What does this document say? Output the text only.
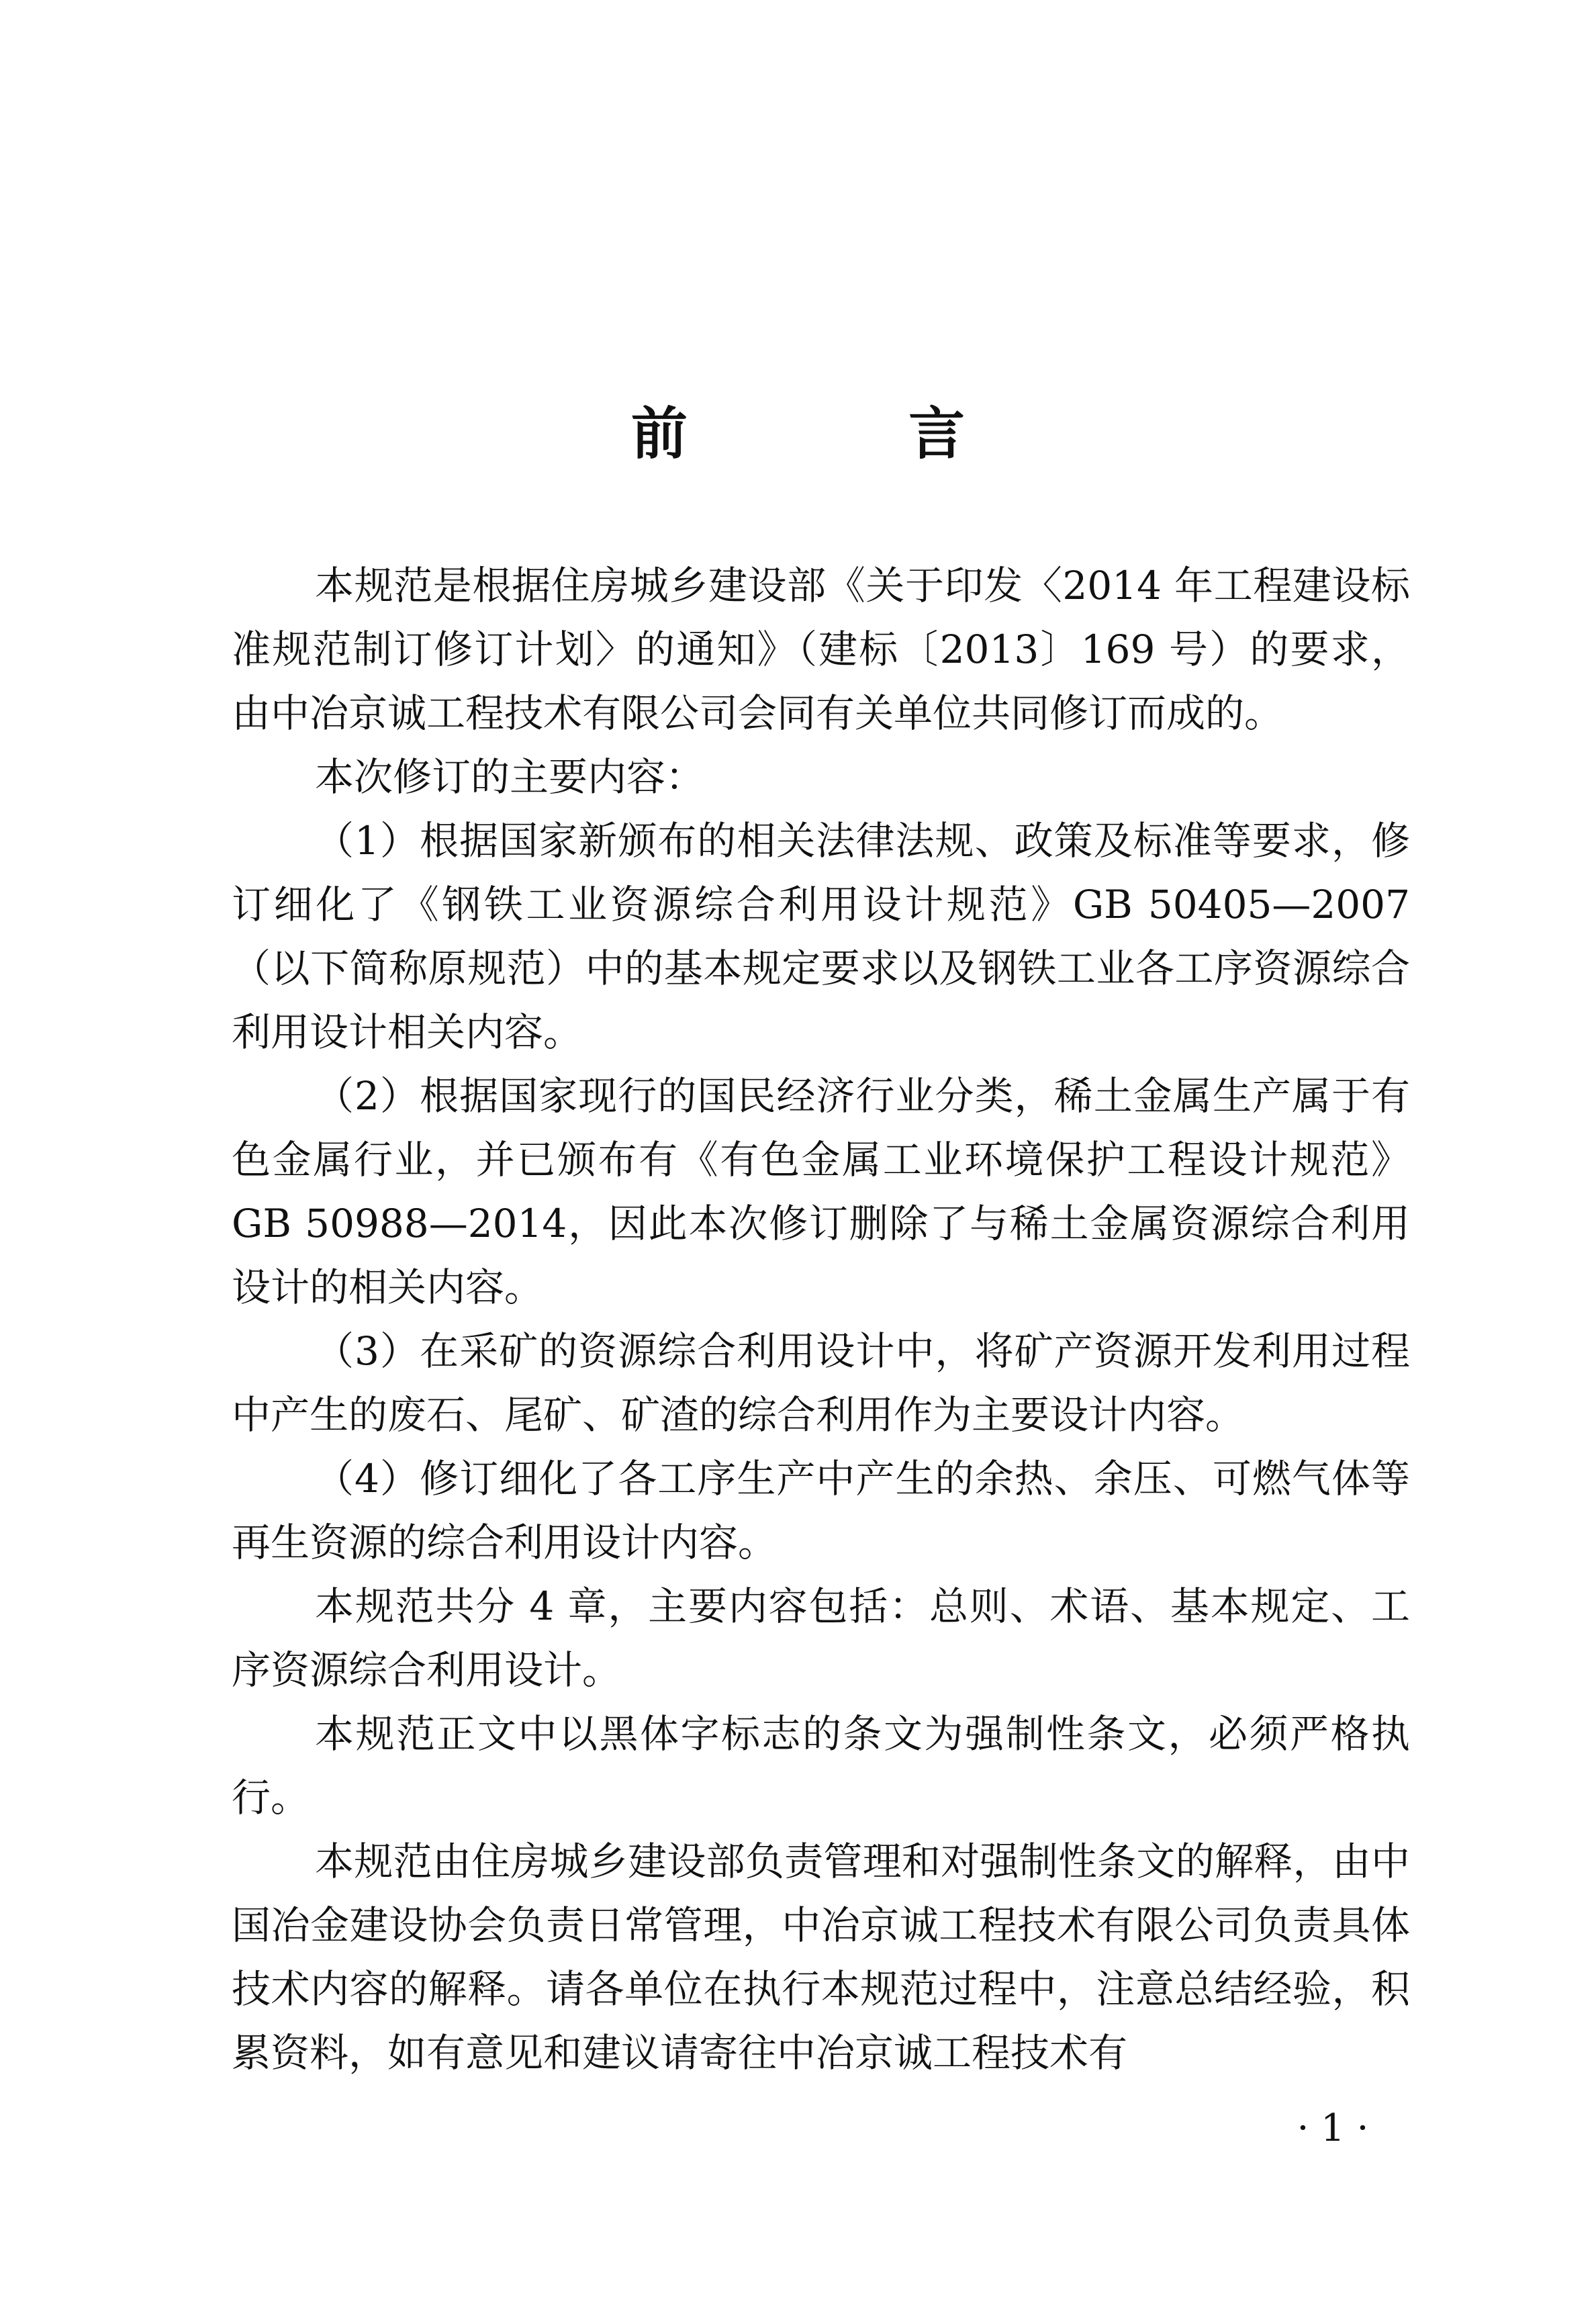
前 言

本规范是根据住房城乡建设部《关于印发〈2014 年工程建设标准规范制订修订计划〉的通知》（建标〔2013〕169 号）的要求，由中冶京诚工程技术有限公司会同有关单位共同修订而成的。

本次修订的主要内容：

（1）根据国家新颁布的相关法律法规、政策及标准等要求，修订细化了《钢铁工业资源综合利用设计规范》GB 50405—2007（以下简称原规范）中的基本规定要求以及钢铁工业各工序资源综合利用设计相关内容。

（2）根据国家现行的国民经济行业分类，稀土金属生产属于有色金属行业，并已颁布有《有色金属工业环境保护工程设计规范》GB 50988—2014，因此本次修订删除了与稀土金属资源综合利用设计的相关内容。

（3）在采矿的资源综合利用设计中，将矿产资源开发利用过程中产生的废石、尾矿、矿渣的综合利用作为主要设计内容。

（4）修订细化了各工序生产中产生的余热、余压、可燃气体等再生资源的综合利用设计内容。

本规范共分 4 章，主要内容包括：总则、术语、基本规定、工序资源综合利用设计。

本规范正文中以黑体字标志的条文为强制性条文，必须严格执行。

本规范由住房城乡建设部负责管理和对强制性条文的解释，由中国冶金建设协会负责日常管理，中冶京诚工程技术有限公司负责具体技术内容的解释。请各单位在执行本规范过程中，注意总结经验，积累资料，如有意见和建议请寄往中冶京诚工程技术有

· 1 ·
